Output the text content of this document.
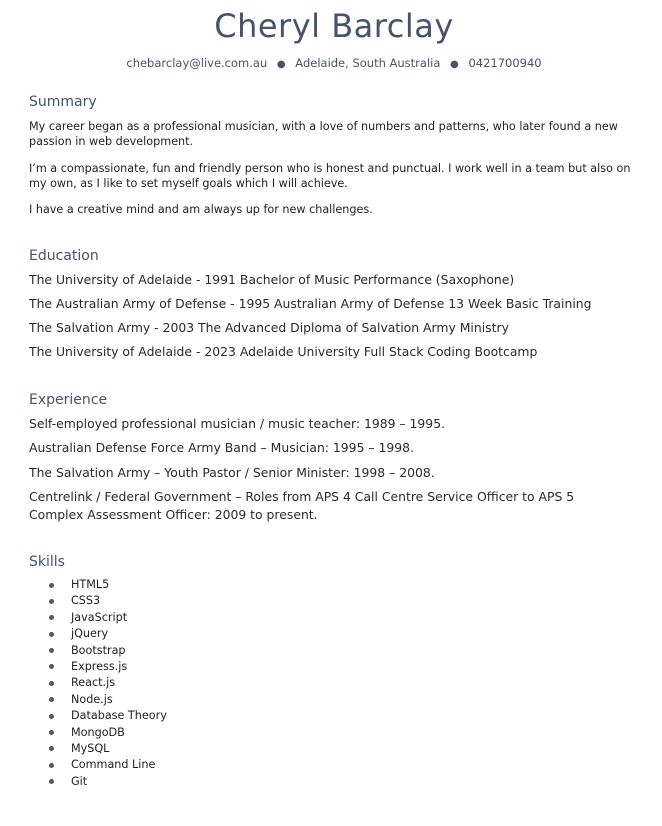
Cheryl Barclay
chebarclay@live.com.au ● Adelaide, South Australia ● 0421700940
Summary
My career began as a professional musician, with a love of numbers and patterns, who later found a new passion in web development.
I’m a compassionate, fun and friendly person who is honest and punctual. I work well in a team but also on my own, as I like to set myself goals which I will achieve.
I have a creative mind and am always up for new challenges.
Education
The University of Adelaide - 1991 Bachelor of Music Performance (Saxophone)
The Australian Army of Defense - 1995 Australian Army of Defense 13 Week Basic Training
The Salvation Army - 2003 The Advanced Diploma of Salvation Army Ministry
The University of Adelaide - 2023 Adelaide University Full Stack Coding Bootcamp
Experience
Self-employed professional musician / music teacher: 1989 – 1995.
Australian Defense Force Army Band – Musician: 1995 – 1998.
The Salvation Army – Youth Pastor / Senior Minister: 1998 – 2008.
Centrelink / Federal Government – Roles from APS 4 Call Centre Service Officer to APS 5 Complex Assessment Officer: 2009 to present.
Skills
HTML5
CSS3
JavaScript
jQuery
Bootstrap
Express.js
React.js
Node.js
Database Theory
MongoDB
MySQL
Command Line
Git
